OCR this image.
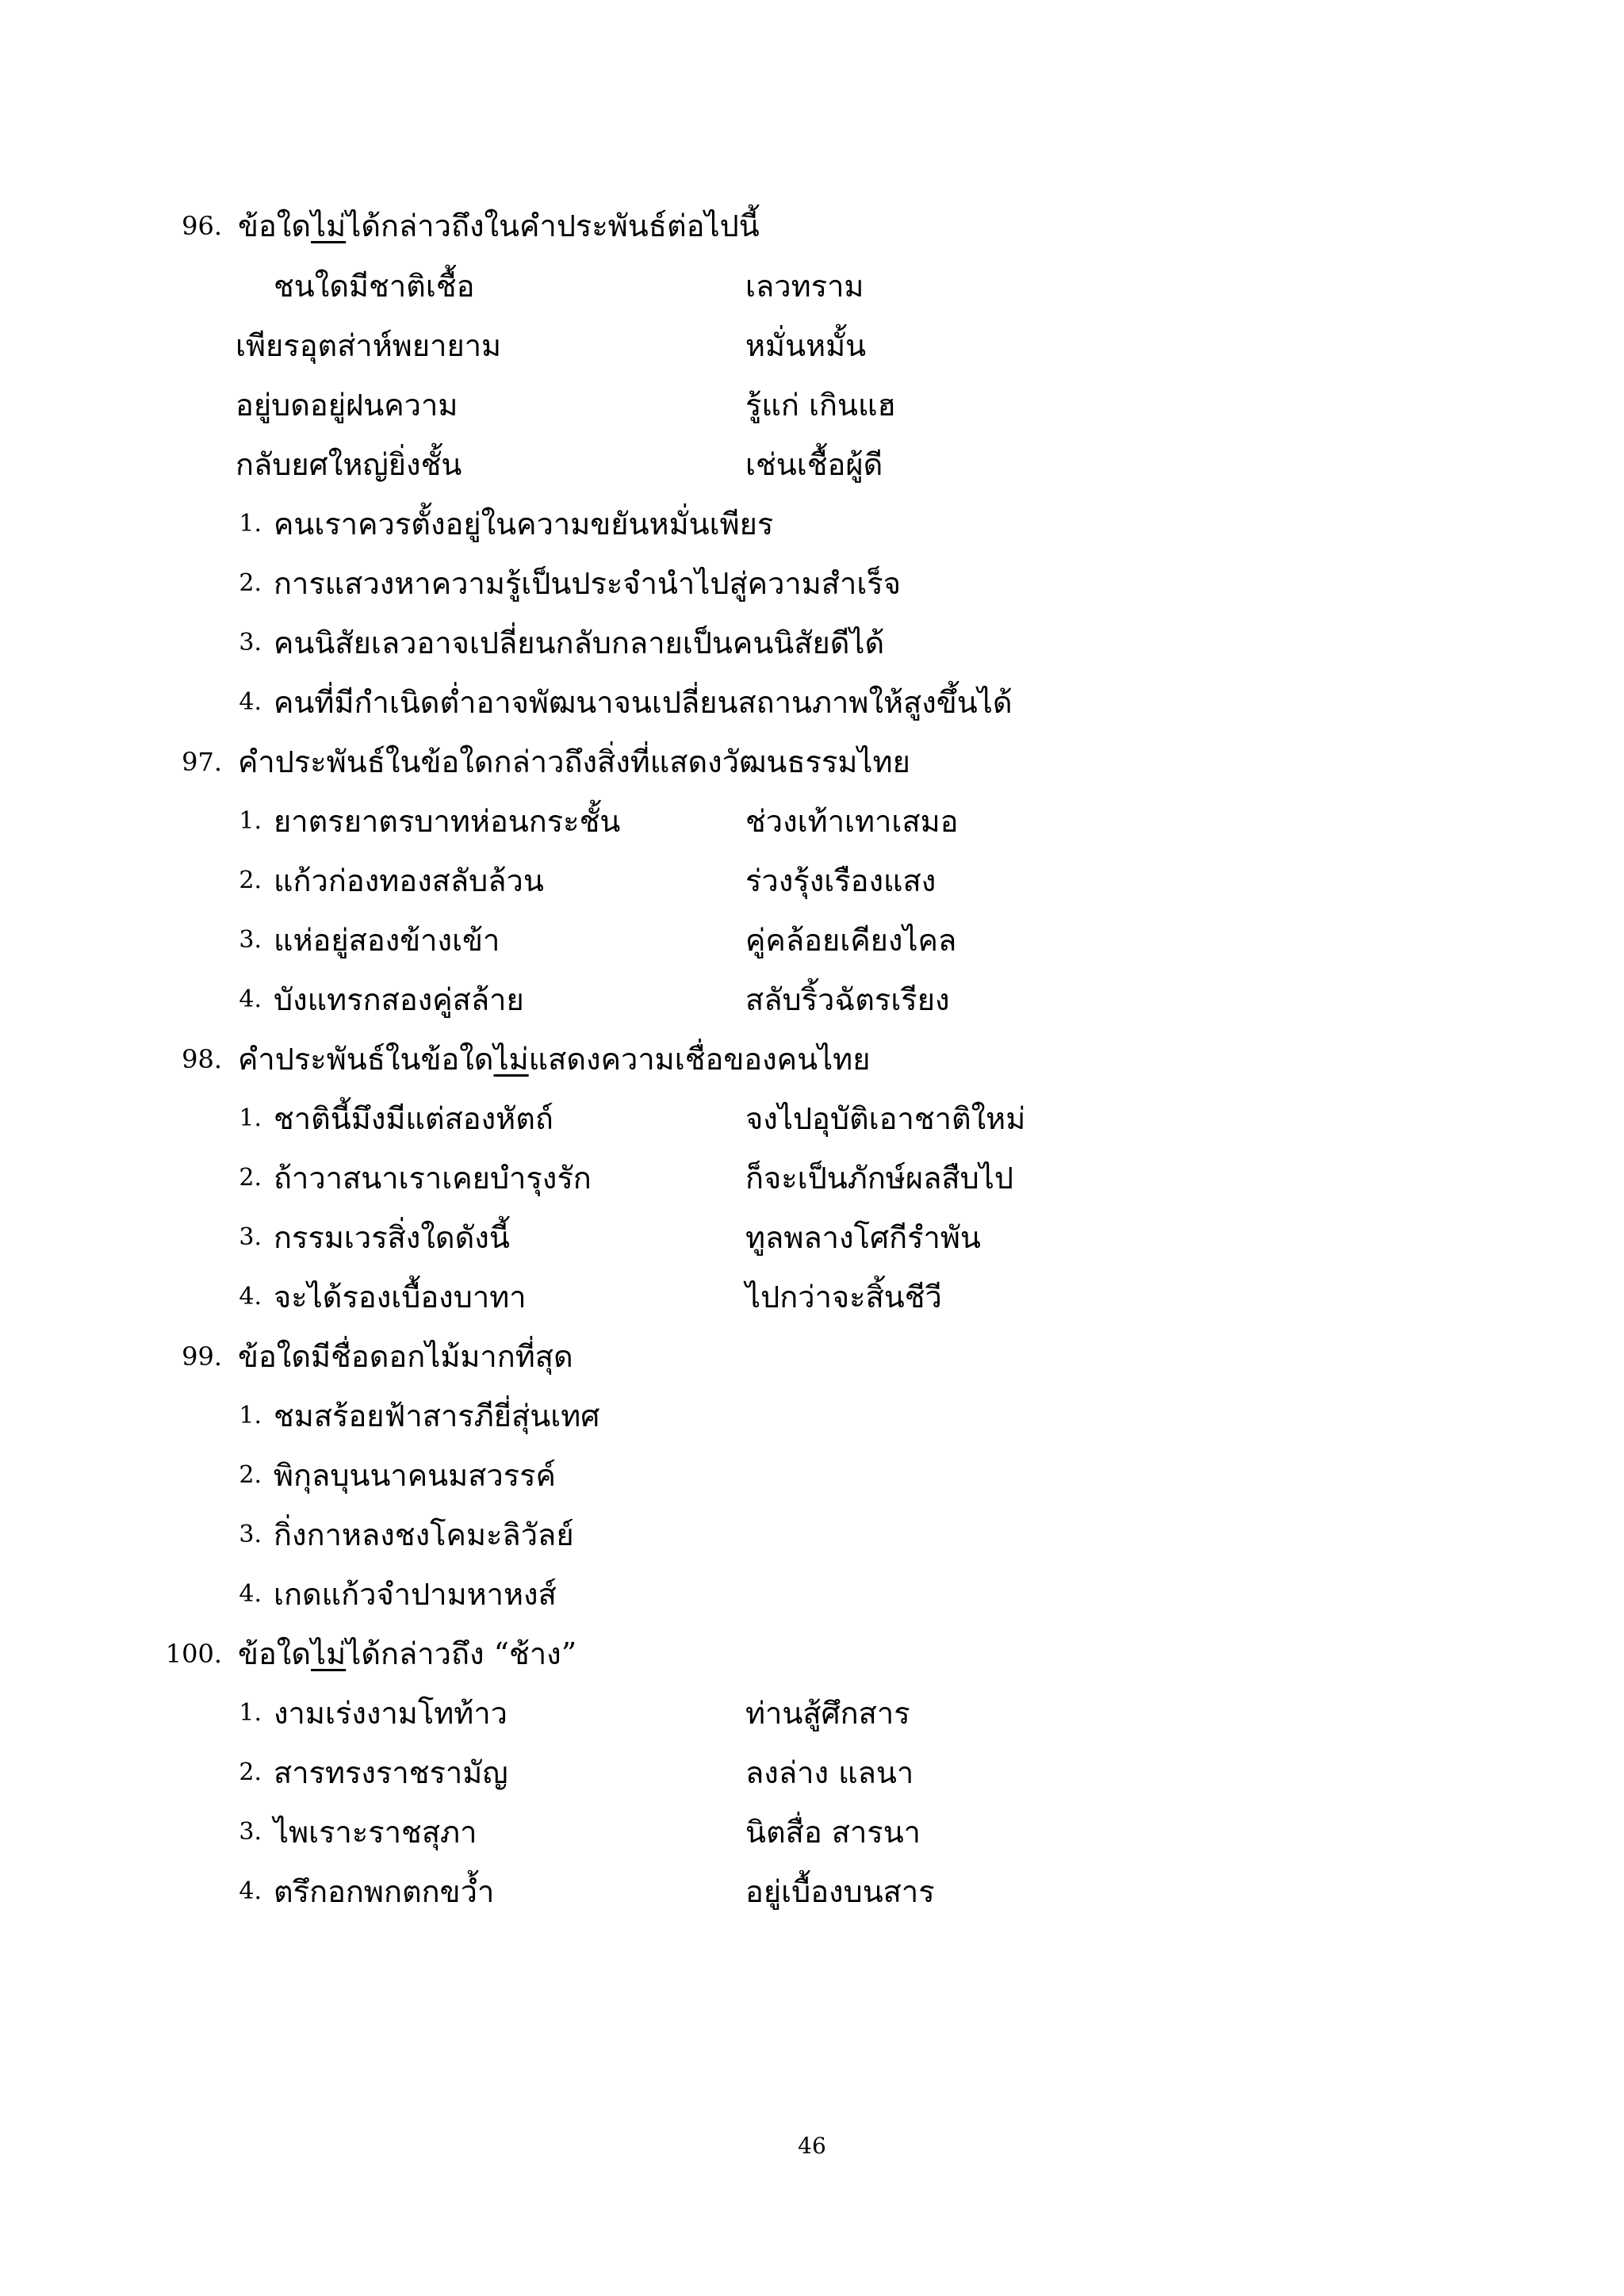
96. ข้อใดไม่ได้กล่าวถึงในคำประพันธ์ต่อไปนี้
ชนใดมีชาติเชื้อ	เลวทราม
เพียรอุตส่าห์พยายาม	หมั่นหมั้น
อยู่บดอยู่ฝนความ	รู้แก่ เกินแฮ
กลับยศใหญ่ยิ่งชั้น	เช่นเชื้อผู้ดี
1. คนเราควรตั้งอยู่ในความขยันหมั่นเพียร
2. การแสวงหาความรู้เป็นประจำนำไปสู่ความสำเร็จ
3. คนนิสัยเลวอาจเปลี่ยนกลับกลายเป็นคนนิสัยดีได้
4. คนที่มีกำเนิดต่ำอาจพัฒนาจนเปลี่ยนสถานภาพให้สูงขึ้นได้
97. คำประพันธ์ในข้อใดกล่าวถึงสิ่งที่แสดงวัฒนธรรมไทย
1. ยาตรยาตรบาทห่อนกระชั้น	ช่วงเท้าเทาเสมอ
2. แก้วก่องทองสลับล้วน	ร่วงรุ้งเรืองแสง
3. แห่อยู่สองข้างเข้า	คู่คล้อยเคียงไคล
4. บังแทรกสองคู่สล้าย	สลับริ้วฉัตรเรียง
98. คำประพันธ์ในข้อใดไม่แสดงความเชื่อของคนไทย
1. ชาตินี้มึงมีแต่สองหัตถ์	จงไปอุบัติเอาชาติใหม่
2. ถ้าวาสนาเราเคยบำรุงรัก	ก็จะเป็นภักษ์ผลสืบไป
3. กรรมเวรสิ่งใดดังนี้	ทูลพลางโศกีรำพัน
4. จะได้รองเบื้องบาทา	ไปกว่าจะสิ้นชีวี
99. ข้อใดมีชื่อดอกไม้มากที่สุด
1. ชมสร้อยฟ้าสารภียี่สุ่นเทศ
2. พิกุลบุนนาคนมสวรรค์
3. กิ่งกาหลงชงโคมะลิวัลย์
4. เกดแก้วจำปามหาหงส์
100. ข้อใดไม่ได้กล่าวถึง “ช้าง”
1. งามเร่งงามโทท้าว	ท่านสู้ศึกสาร
2. สารทรงราชรามัญ	ลงล่าง แลนา
3. ไพเราะราชสุภา	นิตสื่อ สารนา
4. ตรึกอกพกตกขว้ำ	อยู่เบื้องบนสาร
46
